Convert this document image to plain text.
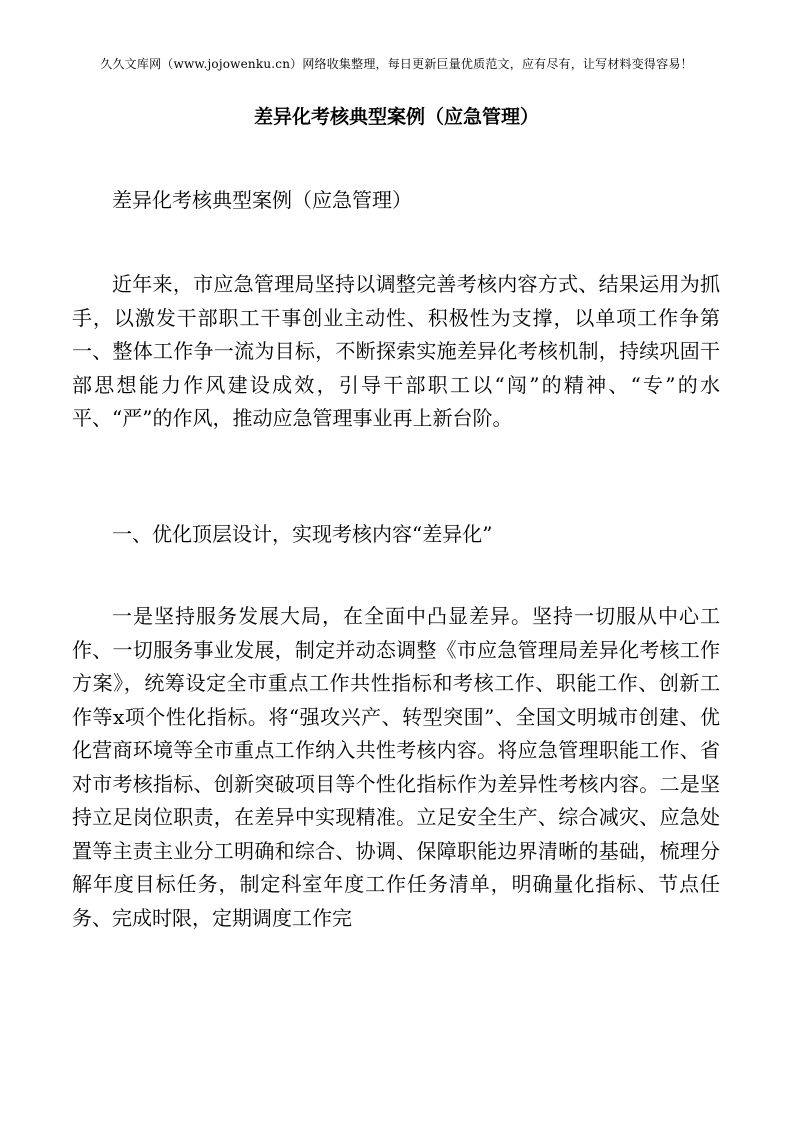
久久文库网（www.jojowenku.cn）网络收集整理，每日更新巨量优质范文，应有尽有，让写材料变得容易！
差异化考核典型案例（应急管理）

差异化考核典型案例（应急管理）

近年来，市应急管理局坚持以调整完善考核内容方式、结果运用为抓手，以激发干部职工干事创业主动性、积极性为支撑，以单项工作争第一、整体工作争一流为目标，不断探索实施差异化考核机制，持续巩固干部思想能力作风建设成效，引导干部职工以“闯”的精神、“专”的水平、“严”的作风，推动应急管理事业再上新台阶。

一、优化顶层设计，实现考核内容“差异化”

一是坚持服务发展大局，在全面中凸显差异。坚持一切服从中心工作、一切服务事业发展，制定并动态调整《市应急管理局差异化考核工作方案》，统筹设定全市重点工作共性指标和考核工作、职能工作、创新工作等x项个性化指标。将“强攻兴产、转型突围”、全国文明城市创建、优化营商环境等全市重点工作纳入共性考核内容。将应急管理职能工作、省对市考核指标、创新突破项目等个性化指标作为差异性考核内容。二是坚持立足岗位职责，在差异中实现精准。立足安全生产、综合减灾、应急处置等主责主业分工明确和综合、协调、保障职能边界清晰的基础，梳理分解年度目标任务，制定科室年度工作任务清单，明确量化指标、节点任务、完成时限，定期调度工作完
